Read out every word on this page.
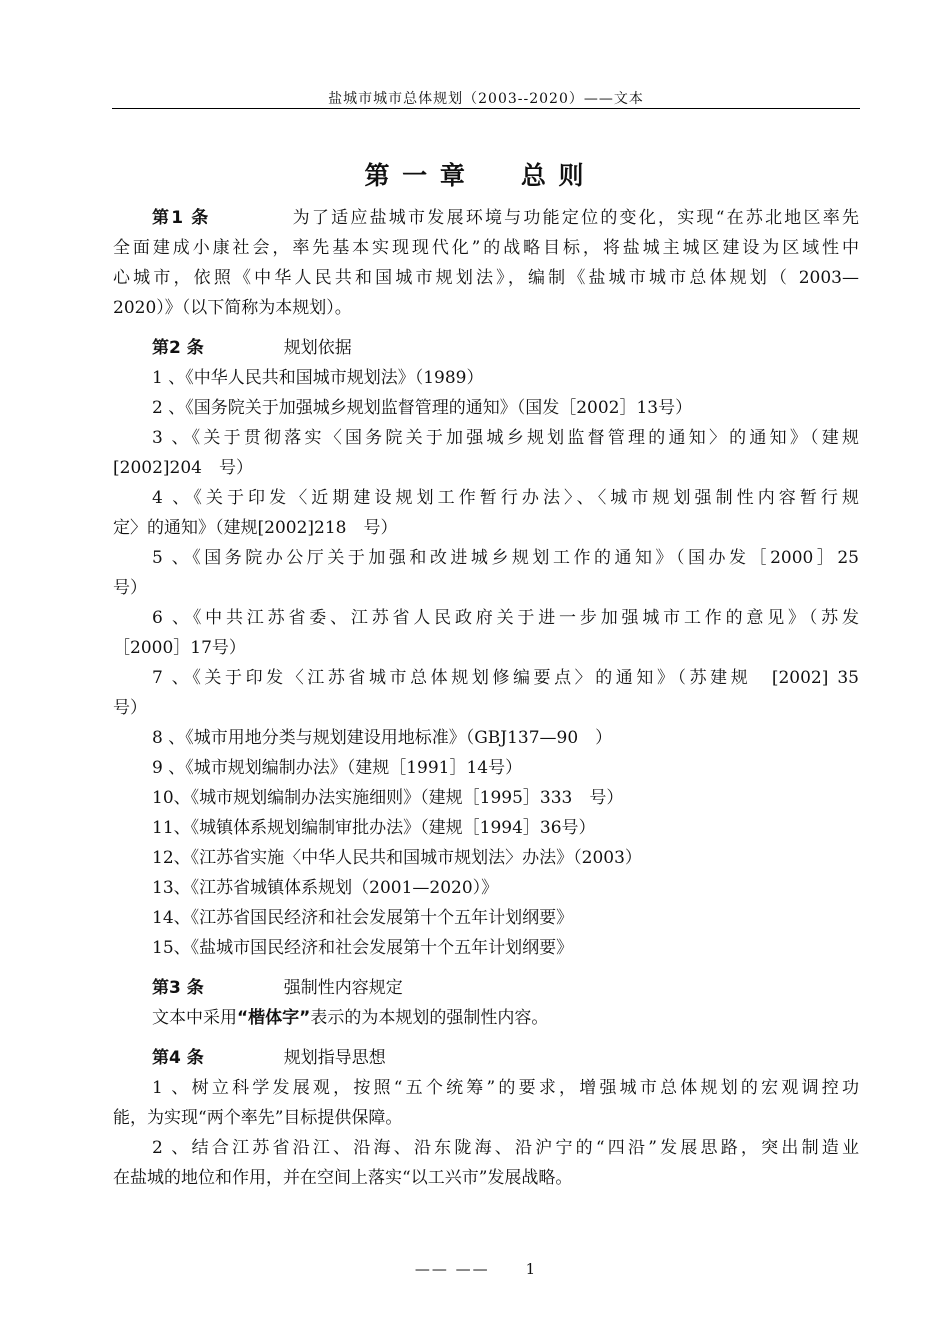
盐城市城市总体规划（2003--2020）——文本
第 一 章　　总 则
第1 条	为了适应盐城市发展环境与功能定位的变化，实现“在苏北地区率先
全面建成小康社会，率先基本实现现代化”的战略目标，将盐城主城区建设为区域性中
心城市，依照《中华人民共和国城市规划法》，编制《盐城市城市总体规划（ 2003—
2020）》（以下简称为本规划）。
第2 条	规划依据
1 、《中华人民共和国城市规划法》（1989）
2 、《国务院关于加强城乡规划监督管理的通知》（国发［2002］13号）
3 、《关于贯彻落实〈国务院关于加强城乡规划监督管理的通知〉的通知》（建规
[2002]204　号）
4 、《关于印发〈近期建设规划工作暂行办法〉、〈城市规划强制性内容暂行规
定〉的通知》（建规[2002]218　号）
5 、《国务院办公厅关于加强和改进城乡规划工作的通知》（国办发［2000］25
号）
6 、《中共江苏省委、江苏省人民政府关于进一步加强城市工作的意见》（苏发
［2000］17号）
7 、《关于印发〈江苏省城市总体规划修编要点〉的通知》（苏建规　[2002] 35
号）
8 、《城市用地分类与规划建设用地标准》（GBJ137—90　）
9 、《城市规划编制办法》（建规［1991］14号）
10、《城市规划编制办法实施细则》（建规［1995］333　号）
11、《城镇体系规划编制审批办法》（建规［1994］36号）
12、《江苏省实施〈中华人民共和国城市规划法〉办法》（2003）
13、《江苏省城镇体系规划（2001—2020）》
14、《江苏省国民经济和社会发展第十个五年计划纲要》
15、《盐城市国民经济和社会发展第十个五年计划纲要》
第3 条	强制性内容规定
文本中采用“楷体字”表示的为本规划的强制性内容。
第4 条	规划指导思想
1 、树立科学发展观，按照“五个统筹”的要求，增强城市总体规划的宏观调控功
能，为实现“两个率先”目标提供保障。
2 、结合江苏省沿江、沿海、沿东陇海、沿沪宁的“四沿”发展思路，突出制造业
在盐城的地位和作用，并在空间上落实“以工兴市”发展战略。
—— —— 1
